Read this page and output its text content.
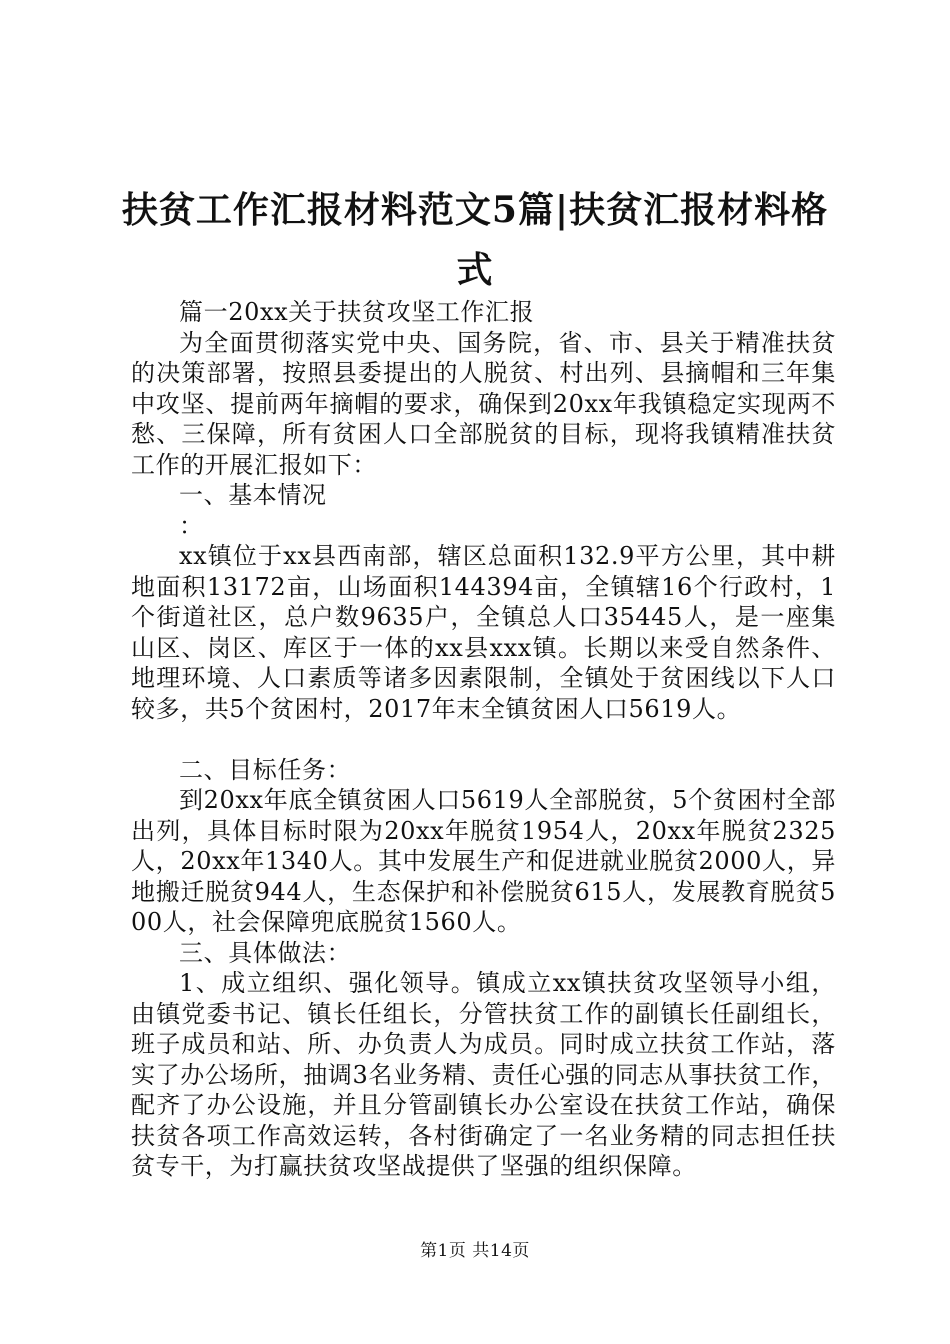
扶贫工作汇报材料范文5篇|扶贫汇报材料格
式

篇一20xx关于扶贫攻坚工作汇报

为全面贯彻落实党中央、国务院，省、市、县关于精准扶贫的决策部署，按照县委提出的人脱贫、村出列、县摘帽和三年集中攻坚、提前两年摘帽的要求，确保到20xx年我镇稳定实现两不愁、三保障，所有贫困人口全部脱贫的目标，现将我镇精准扶贫工作的开展汇报如下：

一、基本情况

：

xx镇位于xx县西南部，辖区总面积132.9平方公里，其中耕地面积13172亩，山场面积144394亩，全镇辖16个行政村，1个街道社区，总户数9635户，全镇总人口35445人，是一座集山区、岗区、库区于一体的xx县xxx镇。长期以来受自然条件、地理环境、人口素质等诸多因素限制，全镇处于贫困线以下人口较多，共5个贫困村，2017年末全镇贫困人口5619人。

二、目标任务：

到20xx年底全镇贫困人口5619人全部脱贫，5个贫困村全部出列，具体目标时限为20xx年脱贫1954人，20xx年脱贫2325人，20xx年1340人。其中发展生产和促进就业脱贫2000人，异地搬迁脱贫944人，生态保护和补偿脱贫615人，发展教育脱贫500人，社会保障兜底脱贫1560人。

三、具体做法：

1、成立组织、强化领导。镇成立xx镇扶贫攻坚领导小组，由镇党委书记、镇长任组长，分管扶贫工作的副镇长任副组长，班子成员和站、所、办负责人为成员。同时成立扶贫工作站，落实了办公场所，抽调3名业务精、责任心强的同志从事扶贫工作，配齐了办公设施，并且分管副镇长办公室设在扶贫工作站，确保扶贫各项工作高效运转，各村街确定了一名业务精的同志担任扶贫专干，为打赢扶贫攻坚战提供了坚强的组织保障。

第1页 共14页
